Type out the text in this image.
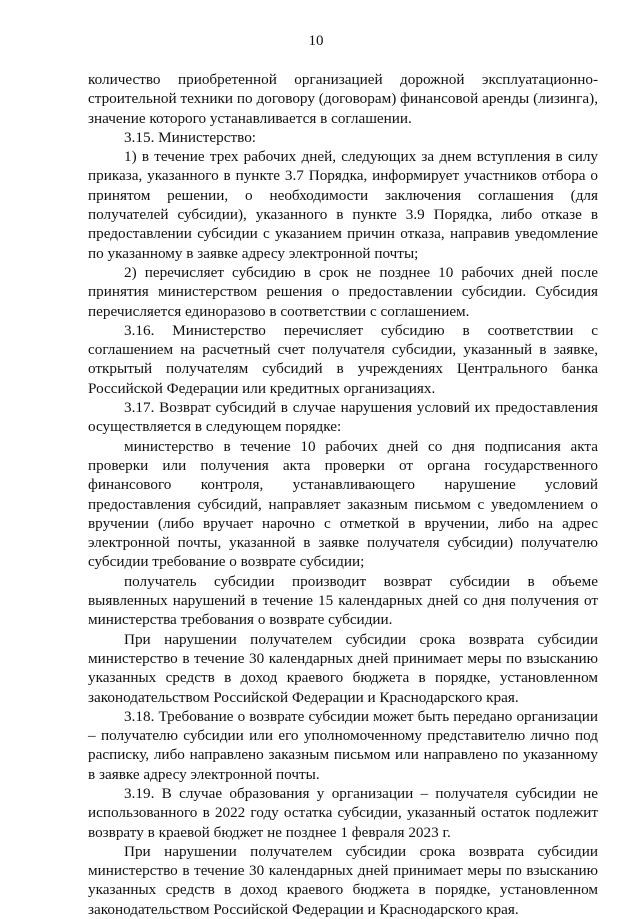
10

количество приобретенной организацией дорожной эксплуатационно-строительной техники по договору (договорам) финансовой аренды (лизинга), значение которого устанавливается в соглашении.

3.15. Министерство:

1) в течение трех рабочих дней, следующих за днем вступления в силу приказа, указанного в пункте 3.7 Порядка, информирует участников отбора о принятом решении, о необходимости заключения соглашения (для получателей субсидии), указанного в пункте 3.9 Порядка, либо отказе в предоставлении субсидии с указанием причин отказа, направив уведомление по указанному в заявке адресу электронной почты;

2) перечисляет субсидию в срок не позднее 10 рабочих дней после принятия министерством решения о предоставлении субсидии. Субсидия перечисляется единоразово в соответствии с соглашением.

3.16. Министерство перечисляет субсидию в соответствии с соглашением на расчетный счет получателя субсидии, указанный в заявке, открытый получателям субсидий в учреждениях Центрального банка Российской Федерации или кредитных организациях.

3.17. Возврат субсидий в случае нарушения условий их предоставления осуществляется в следующем порядке:

министерство в течение 10 рабочих дней со дня подписания акта проверки или получения акта проверки от органа государственного финансового контроля, устанавливающего нарушение условий предоставления субсидий, направляет заказным письмом с уведомлением о вручении (либо вручает нарочно с отметкой в вручении, либо на адрес электронной почты, указанной в заявке получателя субсидии) получателю субсидии требование о возврате субсидии;

получатель субсидии производит возврат субсидии в объеме выявленных нарушений в течение 15 календарных дней со дня получения от министерства требования о возврате субсидии.

При нарушении получателем субсидии срока возврата субсидии министерство в течение 30 календарных дней принимает меры по взысканию указанных средств в доход краевого бюджета в порядке, установленном законодательством Российской Федерации и Краснодарского края.

3.18. Требование о возврате субсидии может быть передано организации – получателю субсидии или его уполномоченному представителю лично под расписку, либо направлено заказным письмом или направлено по указанному в заявке адресу электронной почты.

3.19. В случае образования у организации – получателя субсидии не использованного в 2022 году остатка субсидии, указанный остаток подлежит возврату в краевой бюджет не позднее 1 февраля 2023 г.

При нарушении получателем субсидии срока возврата субсидии министерство в течение 30 календарных дней принимает меры по взысканию указанных средств в доход краевого бюджета в порядке, установленном законодательством Российской Федерации и Краснодарского края.
